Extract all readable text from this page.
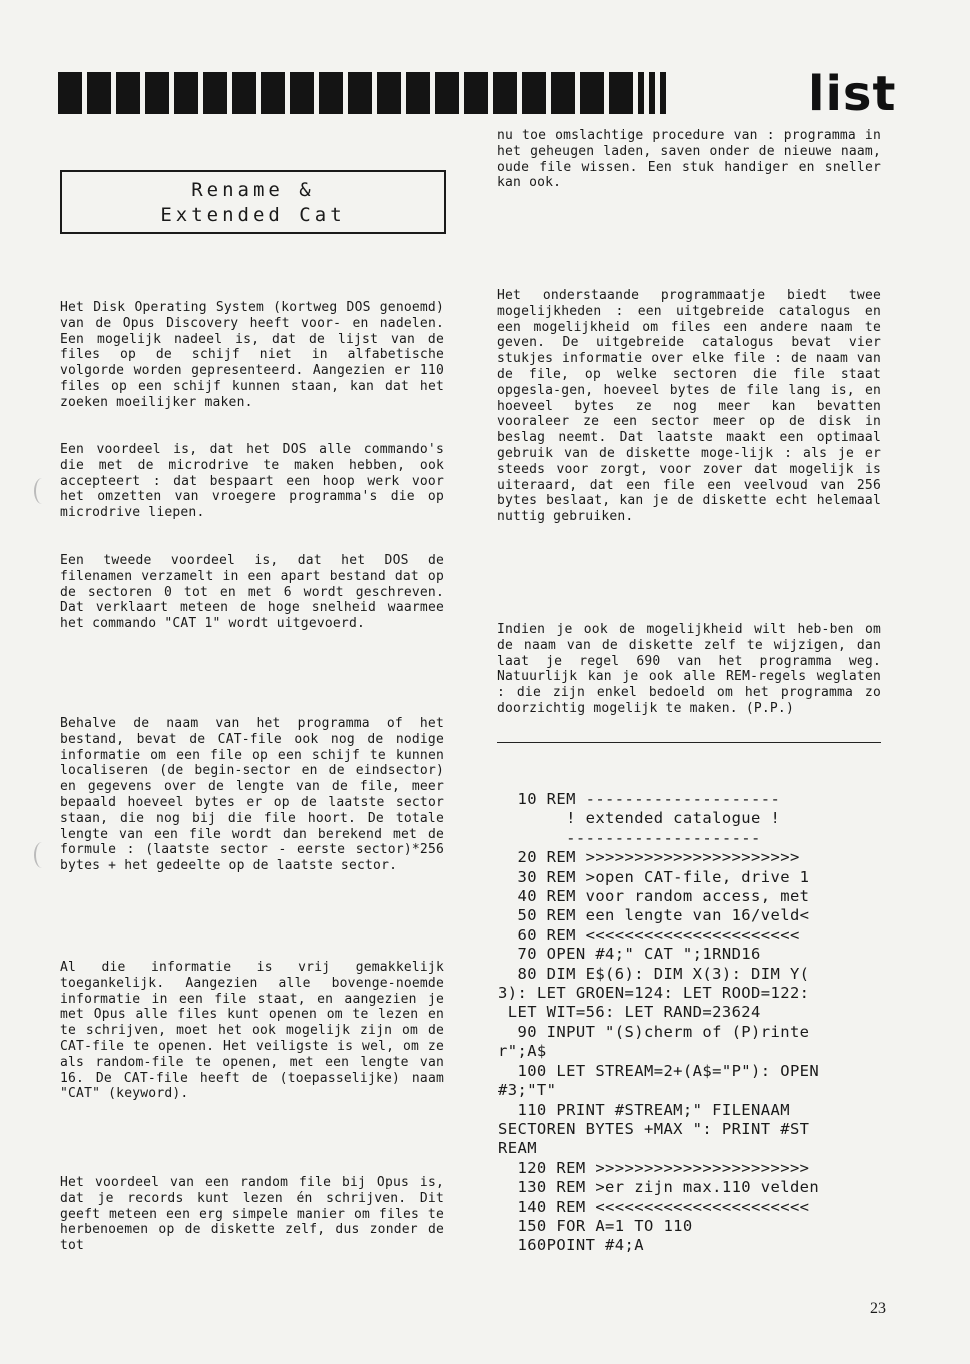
list
Rename &
Extended Cat

Het Disk Operating System (kortweg DOS genoemd) van de Opus Discovery heeft voor- en nadelen. Een mogelijk nadeel is, dat de lijst van de files op de schijf niet in alfabetische volgorde worden gepresenteerd. Aangezien er 110 files op een schijf kunnen staan, kan dat het zoeken moeilijker maken.

Een voordeel is, dat het DOS alle commando's die met de microdrive te maken hebben, ook accepteert : dat bespaart een hoop werk voor het omzetten van vroegere programma's die op microdrive liepen.

Een tweede voordeel is, dat het DOS de filenamen verzamelt in een apart bestand dat op de sectoren 0 tot en met 6 wordt geschreven. Dat verklaart meteen de hoge snelheid waarmee het commando "CAT 1" wordt uitgevoerd.

Behalve de naam van het programma of het bestand, bevat de CAT-file ook nog de nodige informatie om een file op een schijf te kunnen localiseren (de begin-sector en de eindsector) en gegevens over de lengte van de file, meer bepaald hoeveel bytes er op de laatste sector staan, die nog bij die file hoort. De totale lengte van een file wordt dan berekend met de formule : (laatste sector - eerste sector)*256 bytes + het gedeelte op de laatste sector.

Al die informatie is vrij gemakkelijk toegankelijk. Aangezien alle bovenge-noemde informatie in een file staat, en aangezien je met Opus alle files kunt openen om te lezen en te schrijven, moet het ook mogelijk zijn om de CAT-file te openen. Het veiligste is wel, om ze als random-file te openen, met een lengte van 16. De CAT-file heeft de (toepasselijke) naam "CAT" (keyword).

Het voordeel van een random file bij Opus is, dat je records kunt lezen én schrijven. Dit geeft meteen een erg simpele manier om files te herbenoemen op de diskette zelf, dus zonder de tot

nu toe omslachtige procedure van : programma in het geheugen laden, saven onder de nieuwe naam, oude file wissen. Een stuk handiger en sneller kan ook.

Het onderstaande programmaatje biedt twee mogelijkheden : een uitgebreide catalogus en een mogelijkheid om files een andere naam te geven. De uitgebreide catalogus bevat vier stukjes informatie over elke file : de naam van de file, op welke sectoren die file staat opgesla-gen, hoeveel bytes de file lang is, en hoeveel bytes ze nog meer kan bevatten vooraleer ze een sector meer op de disk in beslag neemt. Dat laatste maakt een optimaal gebruik van de diskette moge-lijk : als je er steeds voor zorgt, voor zover dat mogelijk is uiteraard, dat een file een veelvoud van 256 bytes beslaat, kan je de diskette echt helemaal nuttig gebruiken.

Indien je ook de mogelijkheid wilt heb-ben om de naam van de diskette zelf te wijzigen, dan laat je regel 690 van het programma weg. Natuurlijk kan je ook alle REM-regels weglaten : die zijn enkel bedoeld om het programma zo doorzichtig mogelijk te maken. (P.P.)

10 REM --------------------
! extended catalogue !
--------------------
20 REM >>>>>>>>>>>>>>>>>>>>>>
30 REM >open CAT-file, drive 1
40 REM voor random access, met
50 REM een lengte van 16/veld<
60 REM <<<<<<<<<<<<<<<<<<<<<<
70 OPEN #4;" CAT ";1RND16
80 DIM E$(6): DIM X(3): DIM Y(
3): LET GROEN=124: LET ROOD=122:
LET WIT=56: LET RAND=23624
90 INPUT "(S)cherm of (P)rinte
r";A$
100 LET STREAM=2+(A$="P"): OPEN
#3;"T"
110 PRINT #STREAM;" FILENAAM
SECTOREN BYTES +MAX ": PRINT #ST
REAM
120 REM >>>>>>>>>>>>>>>>>>>>>>
130 REM >er zijn max.110 velden
140 REM <<<<<<<<<<<<<<<<<<<<<<
150 FOR A=1 TO 110
160POINT #4;A
23
